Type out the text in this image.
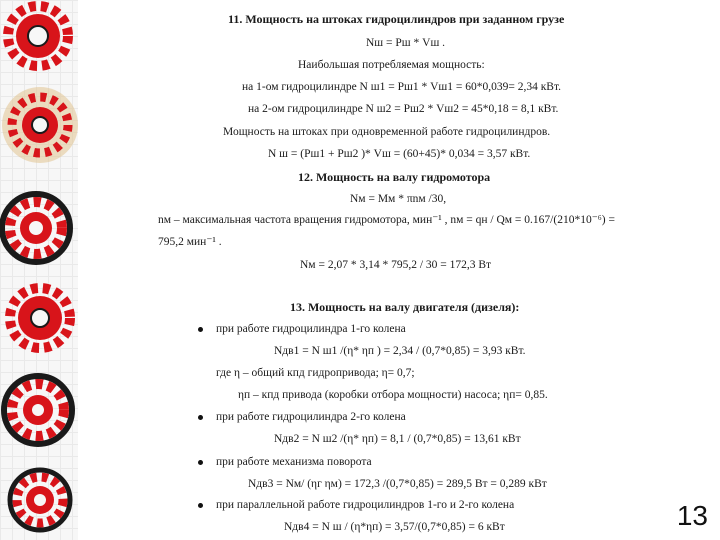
11. Мощность на штоках гидроцилиндров при заданном грузе
Nш = Pш * Vш .
Наибольшая потребляемая мощность:
на 1-ом гидроцилиндре N ш1 = Pш1 * Vш1 = 60*0,039= 2,34 кВт.
на 2-ом гидроцилиндре N ш2 = Pш2 * Vш2 = 45*0,18 = 8,1 кВт.
Мощность на штоках при одновременной работе гидроцилиндров.
N ш = (Pш1 + Pш2 )* Vш = (60+45)* 0,034 = 3,57 кВт.
12. Мощность на валу гидромотора
Nм = Mм * πnм /30,
nм – максимальная частота вращения гидромотора, мин⁻¹ , nм = qн / Qм = 0.167/(210*10⁻⁶) =
795,2 мин⁻¹ .
Nм = 2,07 * 3,14 * 795,2 / 30 = 172,3 Вт
13. Мощность на валу двигателя (дизеля):
при работе гидроцилиндра 1-го колена
Nдв1 = N ш1 /(η* ηп ) = 2,34 / (0,7*0,85) = 3,93 кВт.
где η – общий кпд гидропривода; η= 0,7;
ηп – кпд привода (коробки отбора мощности) насоса; ηп= 0,85.
при работе гидроцилиндра 2-го колена
Nдв2 = N ш2 /(η* ηп) = 8,1 / (0,7*0,85) = 13,61 кВт
при работе механизма поворота
Nдв3 = Nм/ (ηг ηм) = 172,3 /(0,7*0,85) = 289,5 Вт = 0,289 кВт
при параллельной работе гидроцилиндров 1-го и 2-го колена
Nдв4 = N ш / (η*ηп) = 3,57/(0,7*0,85) = 6 кВт	13
